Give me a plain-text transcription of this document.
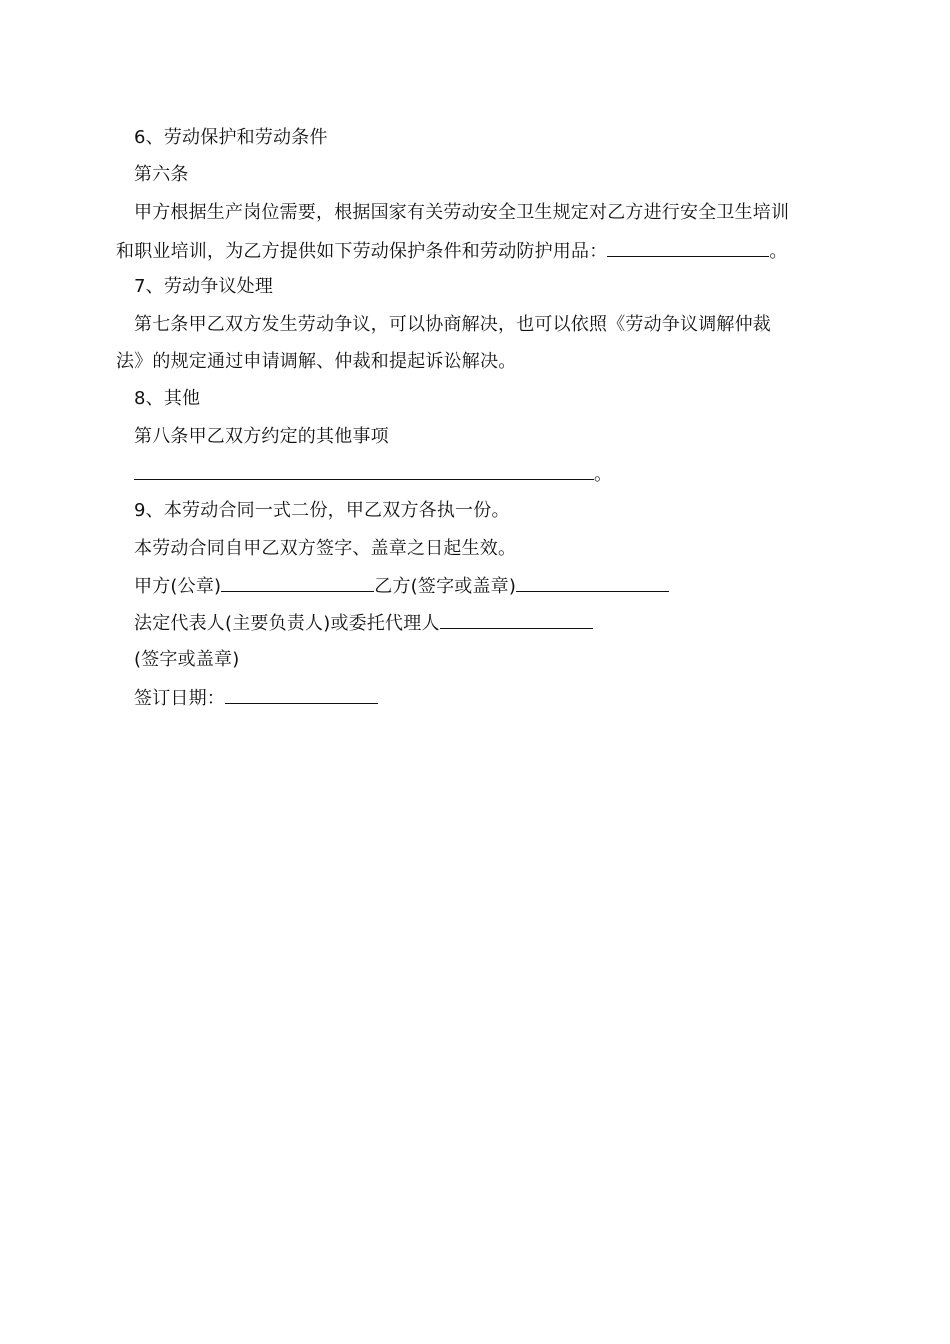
6、劳动保护和劳动条件
第六条
甲方根据生产岗位需要，根据国家有关劳动安全卫生规定对乙方进行安全卫生培训
和职业培训，为乙方提供如下劳动保护条件和劳动防护用品：	。
7、劳动争议处理
第七条甲乙双方发生劳动争议，可以协商解决，也可以依照《劳动争议调解仲裁
法》的规定通过申请调解、仲裁和提起诉讼解决。
8、其他
第八条甲乙双方约定的其他事项
。
9、本劳动合同一式二份，甲乙双方各执一份。
本劳动合同自甲乙双方签字、盖章之日起生效。
甲方(公章)	乙方(签字或盖章)
法定代表人(主要负责人)或委托代理人
(签字或盖章)
签订日期：
